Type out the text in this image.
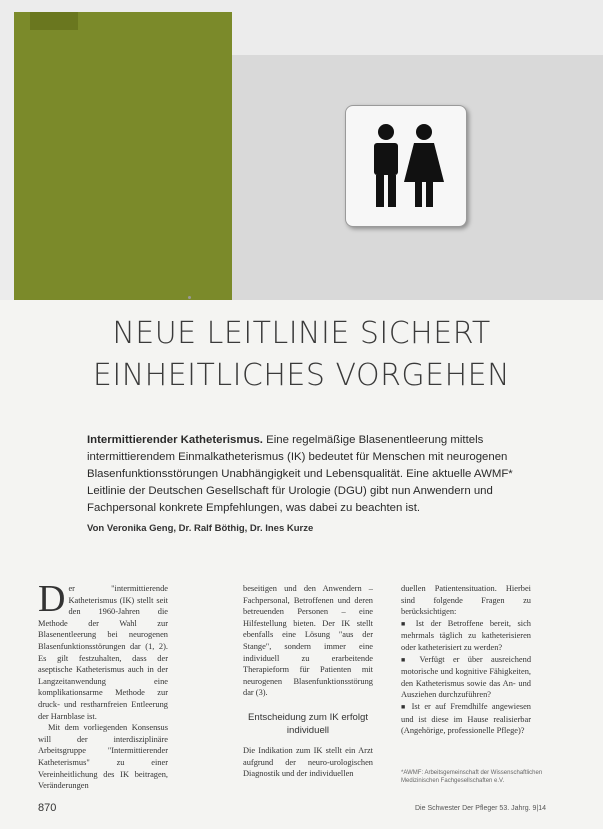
NEUE LEITLINIE SICHERT
EINHEITLICHES VORGEHEN
Intermittierender Katheterismus. Eine regelmäßige Blasenentleerung mittels intermittierendem Einmalkatheterismus (IK) bedeutet für Menschen mit neurogenen Blasenfunktionsstörungen Unabhängigkeit und Lebensqualität. Eine aktuelle AWMF* Leitlinie der Deutschen Gesellschaft für Urologie (DGU) gibt nun Anwendern und Fachpersonal konkrete Empfehlungen, was dabei zu beachten ist.
Von Veronika Geng, Dr. Ralf Böthig, Dr. Ines Kurze
Der "intermittierende Katheterismus (IK) stellt seit den 1960-Jahren die Methode der Wahl zur Blasenentleerung bei neurogenen Blasenfunktionsstörungen dar (1, 2). Es gilt festzuhalten, dass der aseptische Katheterismus auch in der Langzeitanwendung eine komplikationsarme Methode zur druck- und restharnfreien Entleerung der Harnblase ist.
Mit dem vorliegenden Konsensus will der interdisziplinäre Arbeitsgruppe "Intermittierender Katheterismus" zu einer Vereinheitlichung des IK beitragen, Veränderungen
beseitigen und den Anwendern – Fachpersonal, Betroffenen und deren betreuenden Personen – eine Hilfestellung bieten. Der IK stellt ebenfalls eine Lösung "aus der Stange", sondern immer eine individuell zu erarbeitende Therapieform für Patienten mit neurogenen Blasenfunktionsstörung dar (3).
Entscheidung zum IK erfolgt individuell
Die Indikation zum IK stellt ein Arzt aufgrund der neuro-urologischen Diagnostik und der individuellen
duellen Patientensituation. Hierbei sind folgende Fragen zu berücksichtigen:
■ Ist der Betroffene bereit, sich mehrmals täglich zu katheterisieren oder katheterisiert zu werden?
■ Verfügt er über ausreichend motorische und kognitive Fähigkeiten, den Katheterismus sowie das An- und Ausziehen durchzuführen?
■ Ist er auf Fremdhilfe angewiesen und ist diese im Hause realisierbar (Angehörige, professionelle Pflege)?
*AWMF: Arbeitsgemeinschaft der Wissenschaftlichen Medizinischen Fachgesellschaften e.V.
870	Die Schwester Der Pfleger 53. Jahrg. 9|14
